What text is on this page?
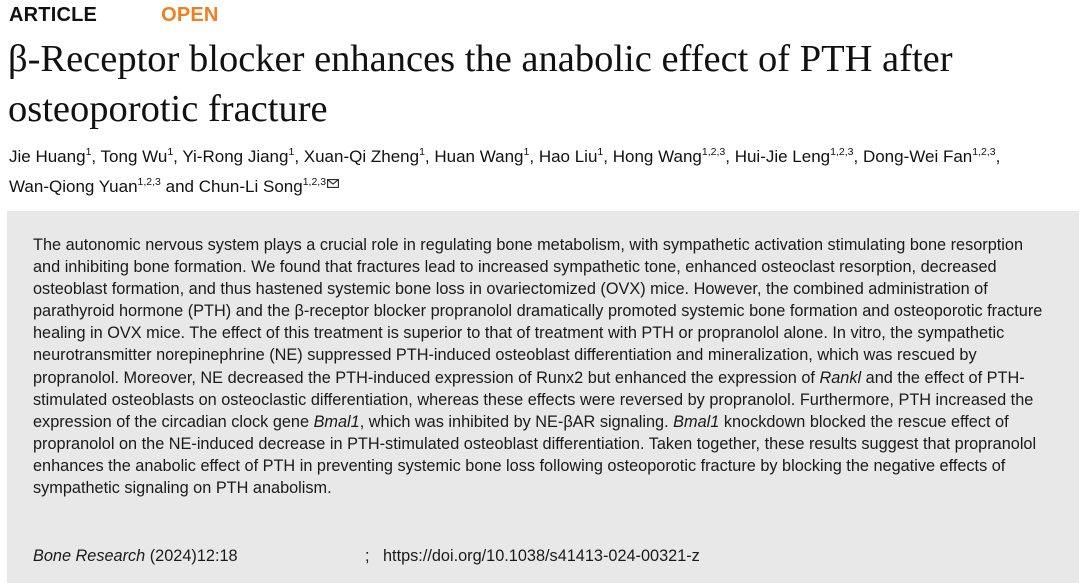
ARTICLE	OPEN
β-Receptor blocker enhances the anabolic effect of PTH after osteoporotic fracture
Jie Huang$^1$, Tong Wu$^1$, Yi-Rong Jiang$^1$, Xuan-Qi Zheng$^1$, Huan Wang$^1$, Hao Liu$^1$, Hong Wang$^{1,2,3}$, Hui-Jie Leng$^{1,2,3}$, Dong-Wei Fan$^{1,2,3}$,
Wan-Qiong Yuan$^{1,2,3}$ and Chun-Li Song$^{1,2,3}$

The autonomic nervous system plays a crucial role in regulating bone metabolism, with sympathetic activation stimulating bone resorption and inhibiting bone formation. We found that fractures lead to increased sympathetic tone, enhanced osteoclast resorption, decreased osteoblast formation, and thus hastened systemic bone loss in ovariectomized (OVX) mice. However, the combined administration of parathyroid hormone (PTH) and the β-receptor blocker propranolol dramatically promoted systemic bone formation and osteoporotic fracture healing in OVX mice. The effect of this treatment is superior to that of treatment with PTH or propranolol alone. In vitro, the sympathetic neurotransmitter norepinephrine (NE) suppressed PTH-induced osteoblast differentiation and mineralization, which was rescued by propranolol. Moreover, NE decreased the PTH-induced expression of Runx2 but enhanced the expression of Rankl and the effect of PTH-stimulated osteoblasts on osteoclastic differentiation, whereas these effects were reversed by propranolol. Furthermore, PTH increased the expression of the circadian clock gene Bmal1, which was inhibited by NE-βAR signaling. Bmal1 knockdown blocked the rescue effect of propranolol on the NE-induced decrease in PTH-stimulated osteoblast differentiation. Taken together, these results suggest that propranolol enhances the anabolic effect of PTH in preventing systemic bone loss following osteoporotic fracture by blocking the negative effects of sympathetic signaling on PTH anabolism.

Bone Research (2024)12:18	; https://doi.org/10.1038/s41413-024-00321-z
